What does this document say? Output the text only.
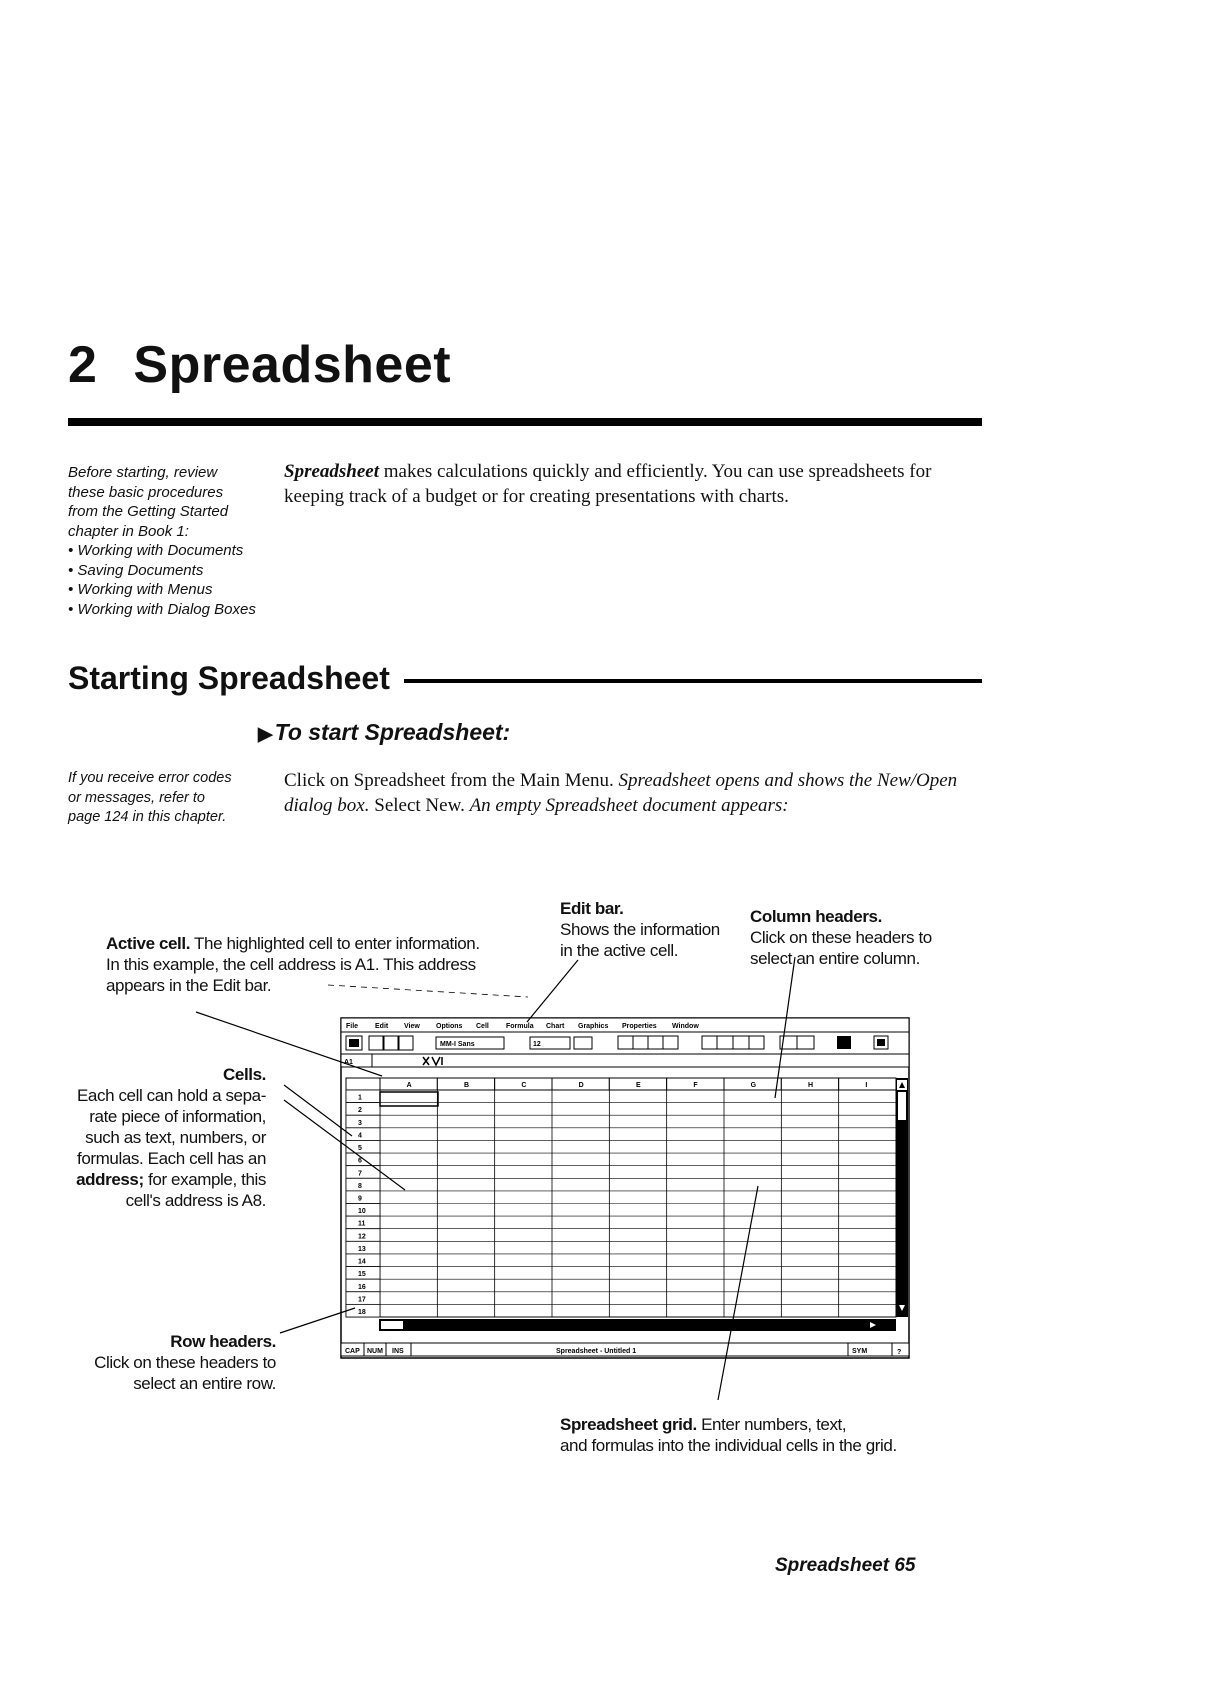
2 Spreadsheet
Before starting, review
these basic procedures
from the Getting Started
chapter in Book 1:
• Working with Documents
• Saving Documents
• Working with Menus
• Working with Dialog Boxes
Spreadsheet makes calculations quickly and efficiently. You can use spreadsheets for keeping track of a budget or for creating presentations with charts.
Starting Spreadsheet
▶To start Spreadsheet:
If you receive error codes
or messages, refer to
page 124 in this chapter.
Click on Spreadsheet from the Main Menu. Spreadsheet opens and shows the New/Open dialog box. Select New. An empty Spreadsheet document appears:
Edit bar.
Shows the information
in the active cell.
Column headers.
Click on these headers to
select an entire column.
Active cell. The highlighted cell to enter information.
In this example, the cell address is A1. This address
appears in the Edit bar.
Cells.
Each cell can hold a sepa-
rate piece of information,
such as text, numbers, or
formulas. Each cell has an
address; for example, this
cell's address is A8.
Row headers.
Click on these headers to
select an entire row.
Spreadsheet grid. Enter numbers, text,
and formulas into the individual cells in the grid.
File Edit View Options Cell Formula Chart Graphics Properties Window
MM-I Sans	12
A1
A	B	C	D	E	F	G	H	I
1
2
3
4
5
6
7
8
9
10
11
12
13
14
15
16
17
18
CAP NUM INS	Spreadsheet - Untitled 1	SYM	?
Spreadsheet 65
